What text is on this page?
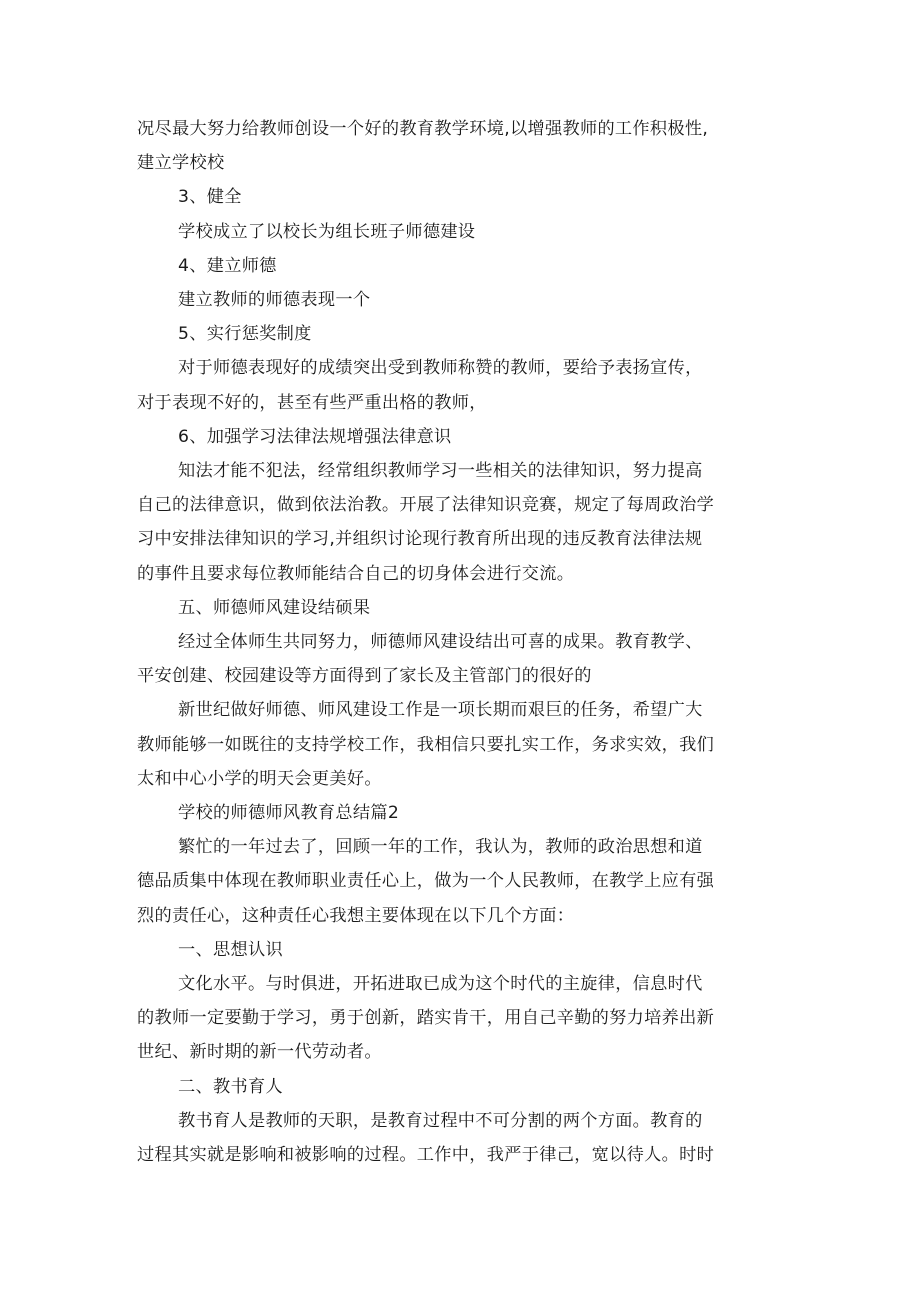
况尽最大努力给教师创设一个好的教育教学环境,以增强教师的工作积极性,

建立学校校

3、健全

学校成立了以校长为组长班子师德建设

4、建立师德

建立教师的师德表现一个

5、实行惩奖制度

对于师德表现好的成绩突出受到教师称赞的教师，要给予表扬宣传，

对于表现不好的，甚至有些严重出格的教师，

6、加强学习法律法规增强法律意识

知法才能不犯法，经常组织教师学习一些相关的法律知识，努力提高

自己的法律意识，做到依法治教。开展了法律知识竞赛，规定了每周政治学

习中安排法律知识的学习,并组织讨论现行教育所出现的违反教育法律法规

的事件且要求每位教师能结合自己的切身体会进行交流。

五、师德师风建设结硕果

经过全体师生共同努力，师德师风建设结出可喜的成果。教育教学、

平安创建、校园建设等方面得到了家长及主管部门的很好的

新世纪做好师德、师风建设工作是一项长期而艰巨的任务，希望广大

教师能够一如既往的支持学校工作，我相信只要扎实工作，务求实效，我们

太和中心小学的明天会更美好。

学校的师德师风教育总结篇2

繁忙的一年过去了，回顾一年的工作，我认为，教师的政治思想和道

德品质集中体现在教师职业责任心上，做为一个人民教师，在教学上应有强

烈的责任心，这种责任心我想主要体现在以下几个方面：

一、思想认识

文化水平。与时俱进，开拓进取已成为这个时代的主旋律，信息时代

的教师一定要勤于学习，勇于创新，踏实肯干，用自己辛勤的努力培养出新

世纪、新时期的新一代劳动者。

二、教书育人

教书育人是教师的天职，是教育过程中不可分割的两个方面。教育的

过程其实就是影响和被影响的过程。工作中，我严于律己，宽以待人。时时
